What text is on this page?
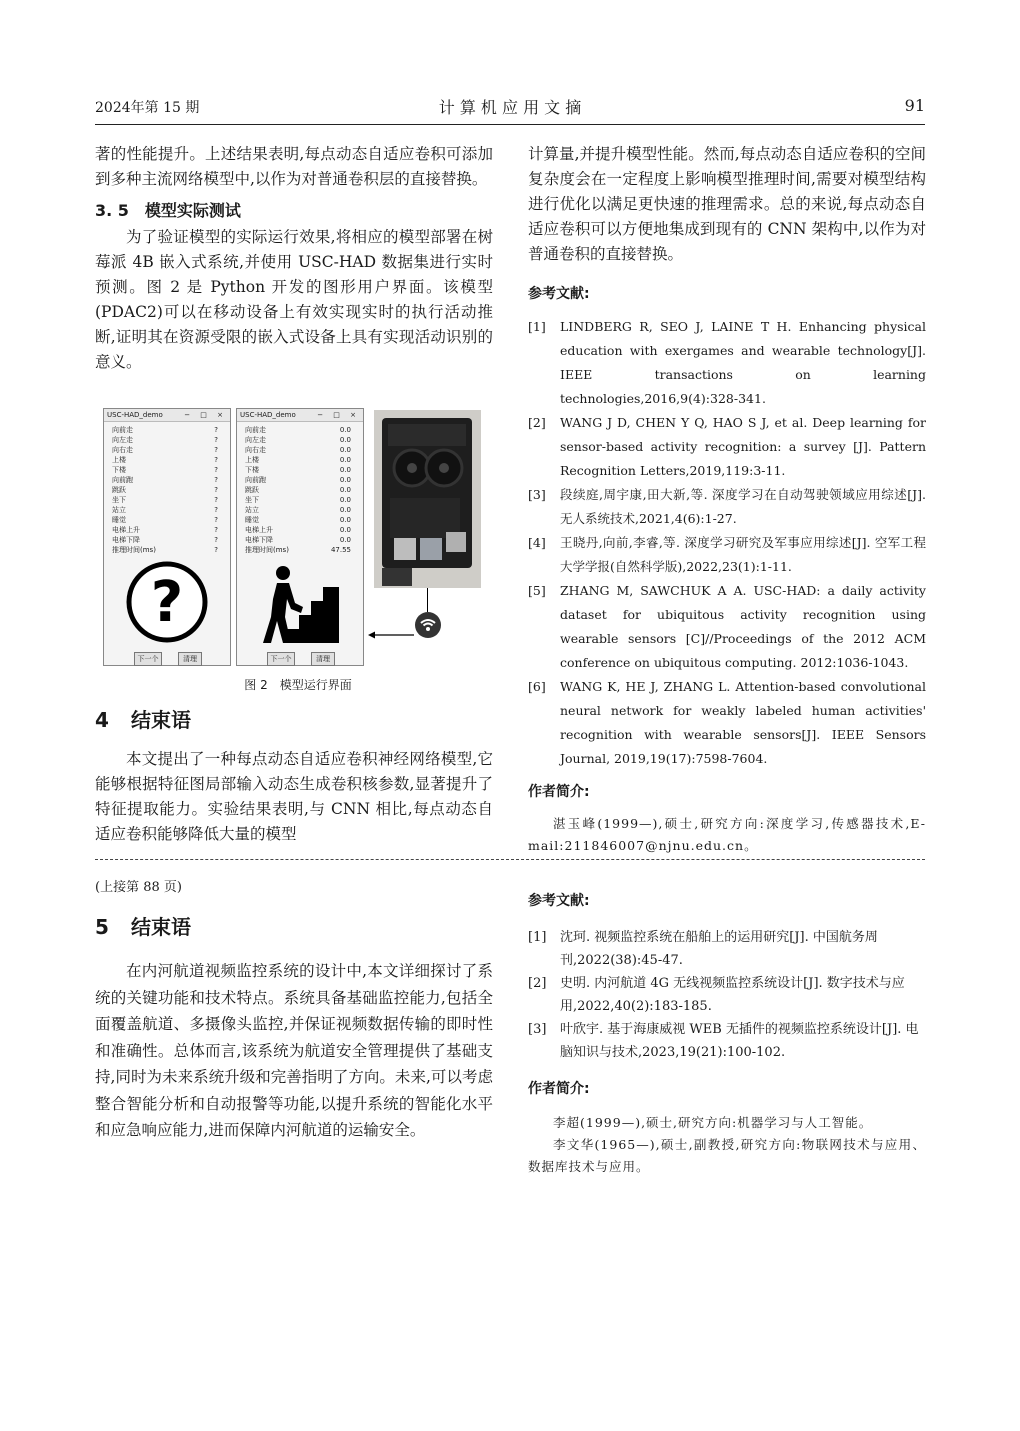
2024年第 15 期	计 算 机 应 用 文 摘	91

著的性能提升。上述结果表明,每点动态自适应卷积可添加到多种主流网络模型中,以作为对普通卷积层的直接替换。

3. 5　模型实际测试

为了验证模型的实际运行效果,将相应的模型部署在树莓派 4B 嵌入式系统,并使用 USC-HAD 数据集进行实时预测。图 2 是 Python 开发的图形用户界面。该模型(PDAC2)可以在移动设备上有效实现实时的执行活动推断,证明其在资源受限的嵌入式设备上具有实现活动识别的意义。

USC-HAD_demo	− □ ×
向前走	?
向左走	?
向右走	?
上楼	?
下楼	?
向前跑	?
跳跃	?
坐下	?
站立	?
睡觉	?
电梯上升	?
电梯下降	?
推理时间(ms)	?
?
下一个	清理
USC-HAD_demo	− □ ×
向前走	0.0
向左走	0.0
向右走	0.0
上楼	0.0
下楼	0.0
向前跑	0.0
跳跃	0.0
坐下	0.0
站立	0.0
睡觉	0.0
电梯上升	0.0
电梯下降	0.0
推理时间(ms)	47.55
下一个	清理
图 2　模型运行界面
4 结束语

本文提出了一种每点动态自适应卷积神经网络模型,它能够根据特征图局部输入动态生成卷积核参数,显著提升了特征提取能力。实验结果表明,与 CNN 相比,每点动态自适应卷积能够降低大量的模型

计算量,并提升模型性能。然而,每点动态自适应卷积的空间复杂度会在一定程度上影响模型推理时间,需要对模型结构进行优化以满足更快速的推理需求。总的来说,每点动态自适应卷积可以方便地集成到现有的 CNN 架构中,以作为对普通卷积的直接替换。

参考文献:

[1] LINDBERG R, SEO J, LAINE T H. Enhancing physical education with exergames and wearable technology[J]. IEEE transactions on learning technologies,2016,9(4):328-341.

[2] WANG J D, CHEN Y Q, HAO S J, et al. Deep learning for sensor-based activity recognition: a survey [J]. Pattern Recognition Letters,2019,119:3-11.

[3] 段续庭,周宇康,田大新,等. 深度学习在自动驾驶领域应用综述[J]. 无人系统技术,2021,4(6):1-27.

[4] 王晓丹,向前,李睿,等. 深度学习研究及军事应用综述[J]. 空军工程大学学报(自然科学版),2022,23(1):1-11.

[5] ZHANG M, SAWCHUK A A. USC-HAD: a daily activity dataset for ubiquitous activity recognition using wearable sensors [C]//Proceedings of the 2012 ACM conference on ubiquitous computing. 2012:1036-1043.

[6] WANG K, HE J, ZHANG L. Attention-based convolutional neural network for weakly labeled human activities' recognition with wearable sensors[J]. IEEE Sensors Journal, 2019,19(17):7598-7604.

作者简介:

湛玉峰(1999—),硕士,研究方向:深度学习,传感器技术,E-mail:211846007@njnu.edu.cn。

(上接第 88 页)
5 结束语

在内河航道视频监控系统的设计中,本文详细探讨了系统的关键功能和技术特点。系统具备基础监控能力,包括全面覆盖航道、多摄像头监控,并保证视频数据传输的即时性和准确性。总体而言,该系统为航道安全管理提供了基础支持,同时为未来系统升级和完善指明了方向。未来,可以考虑整合智能分析和自动报警等功能,以提升系统的智能化水平和应急响应能力,进而保障内河航道的运输安全。

参考文献:

[1] 沈珂. 视频监控系统在船舶上的运用研究[J]. 中国航务周刊,2022(38):45-47.

[2] 史明. 内河航道 4G 无线视频监控系统设计[J]. 数字技术与应用,2022,40(2):183-185.

[3] 叶欣宇. 基于海康威视 WEB 无插件的视频监控系统设计[J]. 电脑知识与技术,2023,19(21):100-102.

作者简介:

李超(1999—),硕士,研究方向:机器学习与人工智能。

李文华(1965—),硕士,副教授,研究方向:物联网技术与应用、数据库技术与应用。
